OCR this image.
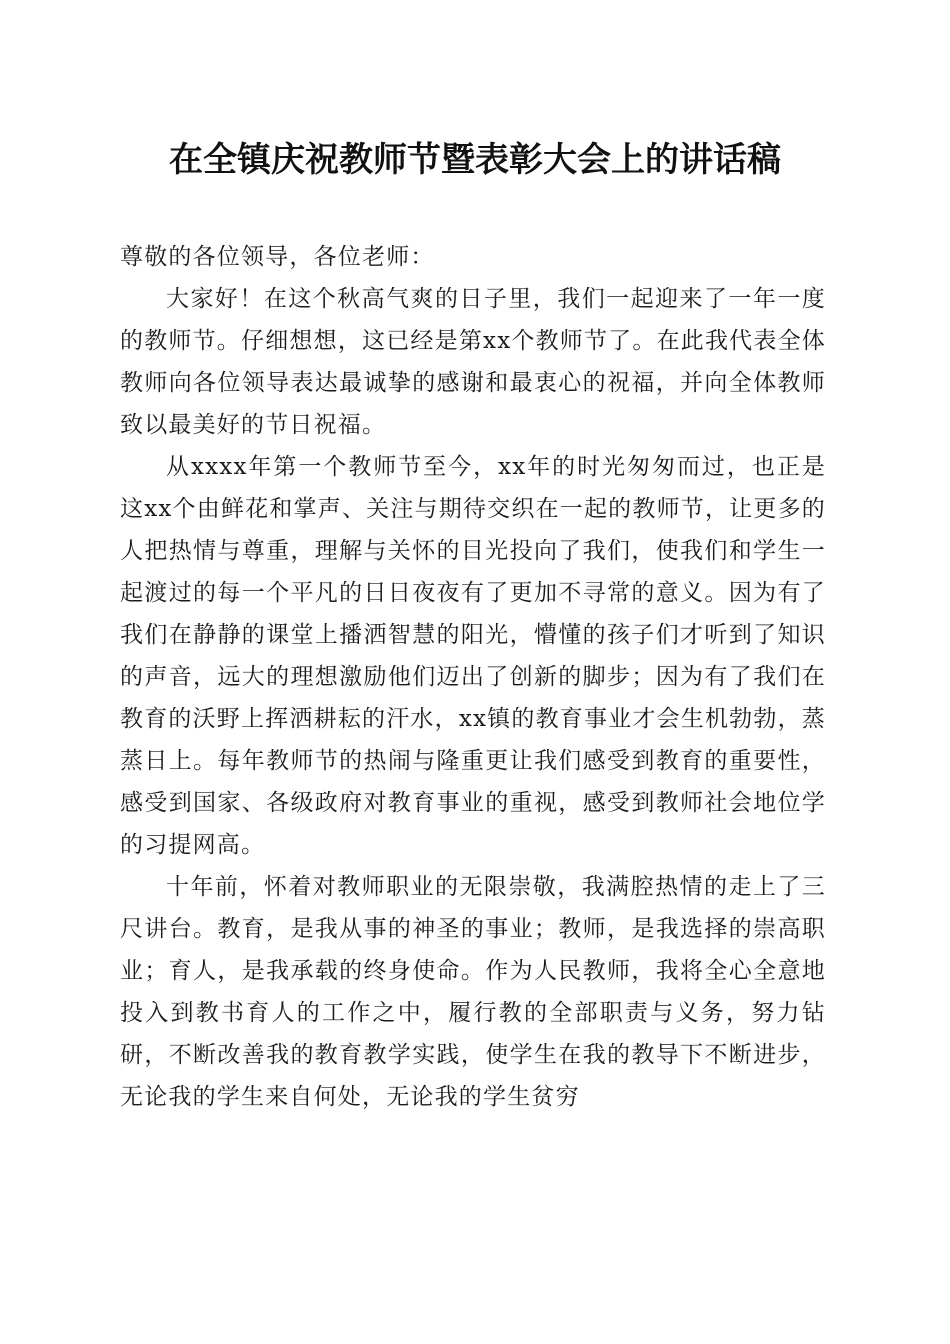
在全镇庆祝教师节暨表彰大会上的讲话稿

尊敬的各位领导，各位老师：

大家好！在这个秋高气爽的日子里，我们一起迎来了一年一度的教师节。仔细想想，这已经是第xx个教师节了。在此我代表全体教师向各位领导表达最诚挚的感谢和最衷心的祝福，并向全体教师致以最美好的节日祝福。

从xxxx年第一个教师节至今，xx年的时光匆匆而过，也正是这xx个由鲜花和掌声、关注与期待交织在一起的教师节，让更多的人把热情与尊重，理解与关怀的目光投向了我们，使我们和学生一起渡过的每一个平凡的日日夜夜有了更加不寻常的意义。因为有了我们在静静的课堂上播洒智慧的阳光，懵懂的孩子们才听到了知识的声音，远大的理想激励他们迈出了创新的脚步；因为有了我们在教育的沃野上挥洒耕耘的汗水，xx镇的教育事业才会生机勃勃，蒸蒸日上。每年教师节的热闹与隆重更让我们感受到教育的重要性，感受到国家、各级政府对教育事业的重视，感受到教师社会地位学的习提网高。

十年前，怀着对教师职业的无限崇敬，我满腔热情的走上了三尺讲台。教育，是我从事的神圣的事业；教师，是我选择的崇高职业；育人，是我承载的终身使命。作为人民教师，我将全心全意地投入到教书育人的工作之中，履行教的全部职责与义务，努力钻研，不断改善我的教育教学实践，使学生在我的教导下不断进步，无论我的学生来自何处，无论我的学生贫穷
